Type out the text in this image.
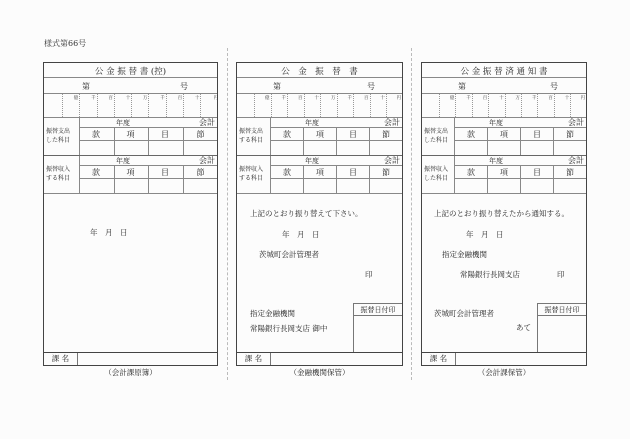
様式第66号
公 金 振 替 書 (控)
第	号
億	千	百	十	万	千	百	十	円
振替支出
した科目
年度	会計
款	項	目	節
振替収入
する科目
年度	会計
款	項	目	節
年　月　日
課 名
（会計課原簿）
公　金　振　替　書
第	号
億	千	百	十	万	千	百	十	円
振替支出
する科目
年度	会計
款	項	目	節
振替収入
する科目
年度	会計
款	項	目	節
上記のとおり振り替えて下さい。
年　月　日
茨城町会計管理者
印
指定金融機関
常陽銀行長岡支店 御中
振替日付印
課 名
（金融機関保管）
公 金 振 替 済 通 知 書
第	号
億	千	百	十	万	千	百	十	円
振替支出
した科目
年度	会計
款	項	目	節
振替収入
した科目
年度	会計
款	項	目	節
上記のとおり振り替えたから通知する。
年　月　日
指定金融機関
常陽銀行長岡支店	印
茨城町会計管理者
あて
振替日付印
課 名
（会計課保管）
